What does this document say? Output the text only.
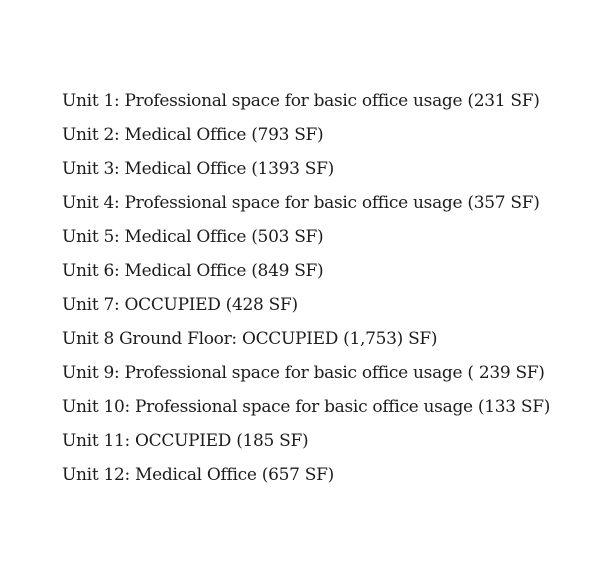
Unit 1: Professional space for basic office usage (231 SF)
Unit 2: Medical Office (793 SF)
Unit 3: Medical Office (1393 SF)
Unit 4: Professional space for basic office usage (357 SF)
Unit 5: Medical Office (503 SF)
Unit 6: Medical Office (849 SF)
Unit 7: OCCUPIED (428 SF)
Unit 8 Ground Floor: OCCUPIED (1,753) SF)
Unit 9: Professional space for basic office usage ( 239 SF)
Unit 10: Professional space for basic office usage (133 SF)
Unit 11: OCCUPIED (185 SF)
Unit 12: Medical Office (657 SF)
